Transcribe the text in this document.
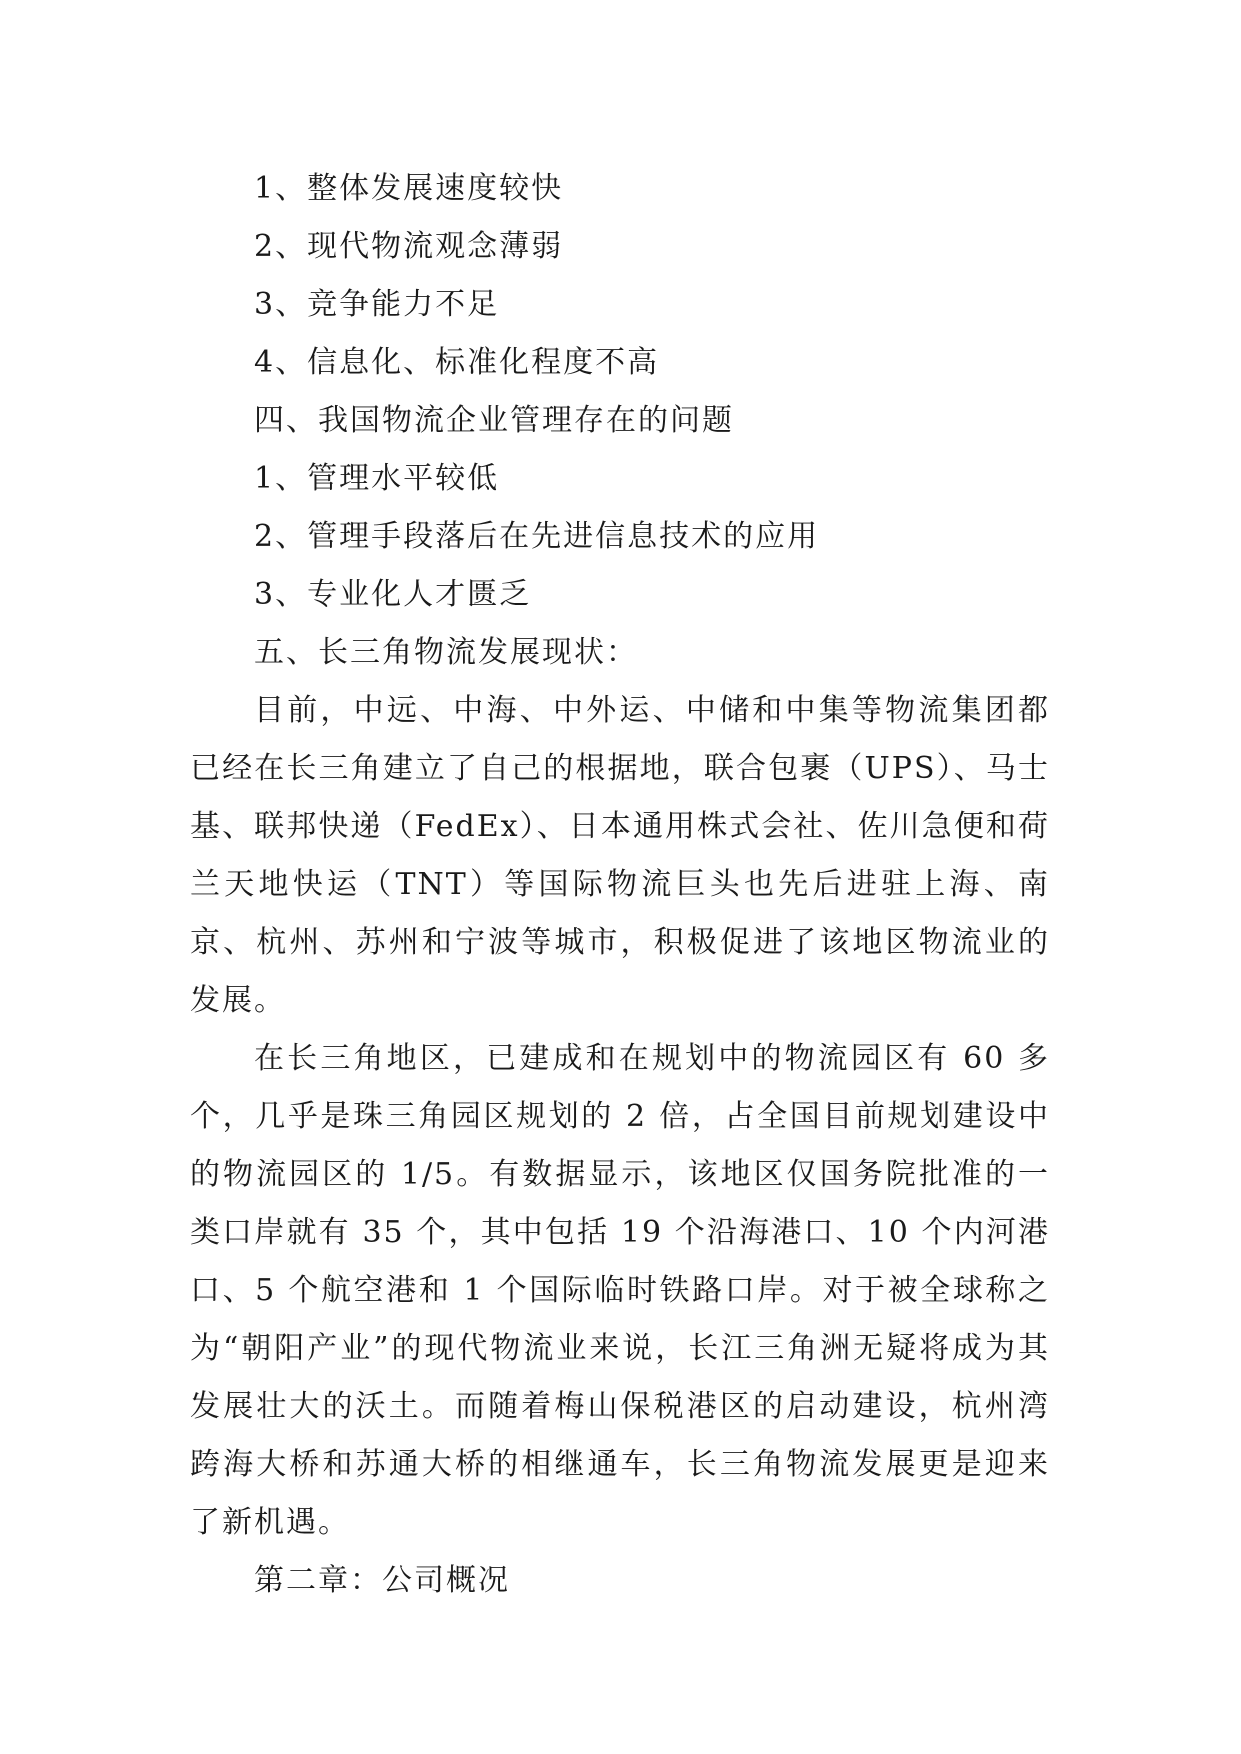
1、整体发展速度较快
2、现代物流观念薄弱
3、竞争能力不足
4、信息化、标准化程度不高
四、我国物流企业管理存在的问题
1、管理水平较低
2、管理手段落后在先进信息技术的应用
3、专业化人才匮乏
五、长三角物流发展现状：

目前，中远、中海、中外运、中储和中集等物流集团都已经在长三角建立了自己的根据地，联合包裹（UPS）、马士基、联邦快递（FedEx）、日本通用株式会社、佐川急便和荷兰天地快运（TNT）等国际物流巨头也先后进驻上海、南京、杭州、苏州和宁波等城市，积极促进了该地区物流业的发展。

在长三角地区，已建成和在规划中的物流园区有 60 多个，几乎是珠三角园区规划的 2 倍，占全国目前规划建设中的物流园区的 1/5。有数据显示，该地区仅国务院批准的一类口岸就有 35 个，其中包括 19 个沿海港口、10 个内河港口、5 个航空港和 1 个国际临时铁路口岸。对于被全球称之为“朝阳产业”的现代物流业来说，长江三角洲无疑将成为其发展壮大的沃土。而随着梅山保税港区的启动建设，杭州湾跨海大桥和苏通大桥的相继通车，长三角物流发展更是迎来了新机遇。

第二章：公司概况
